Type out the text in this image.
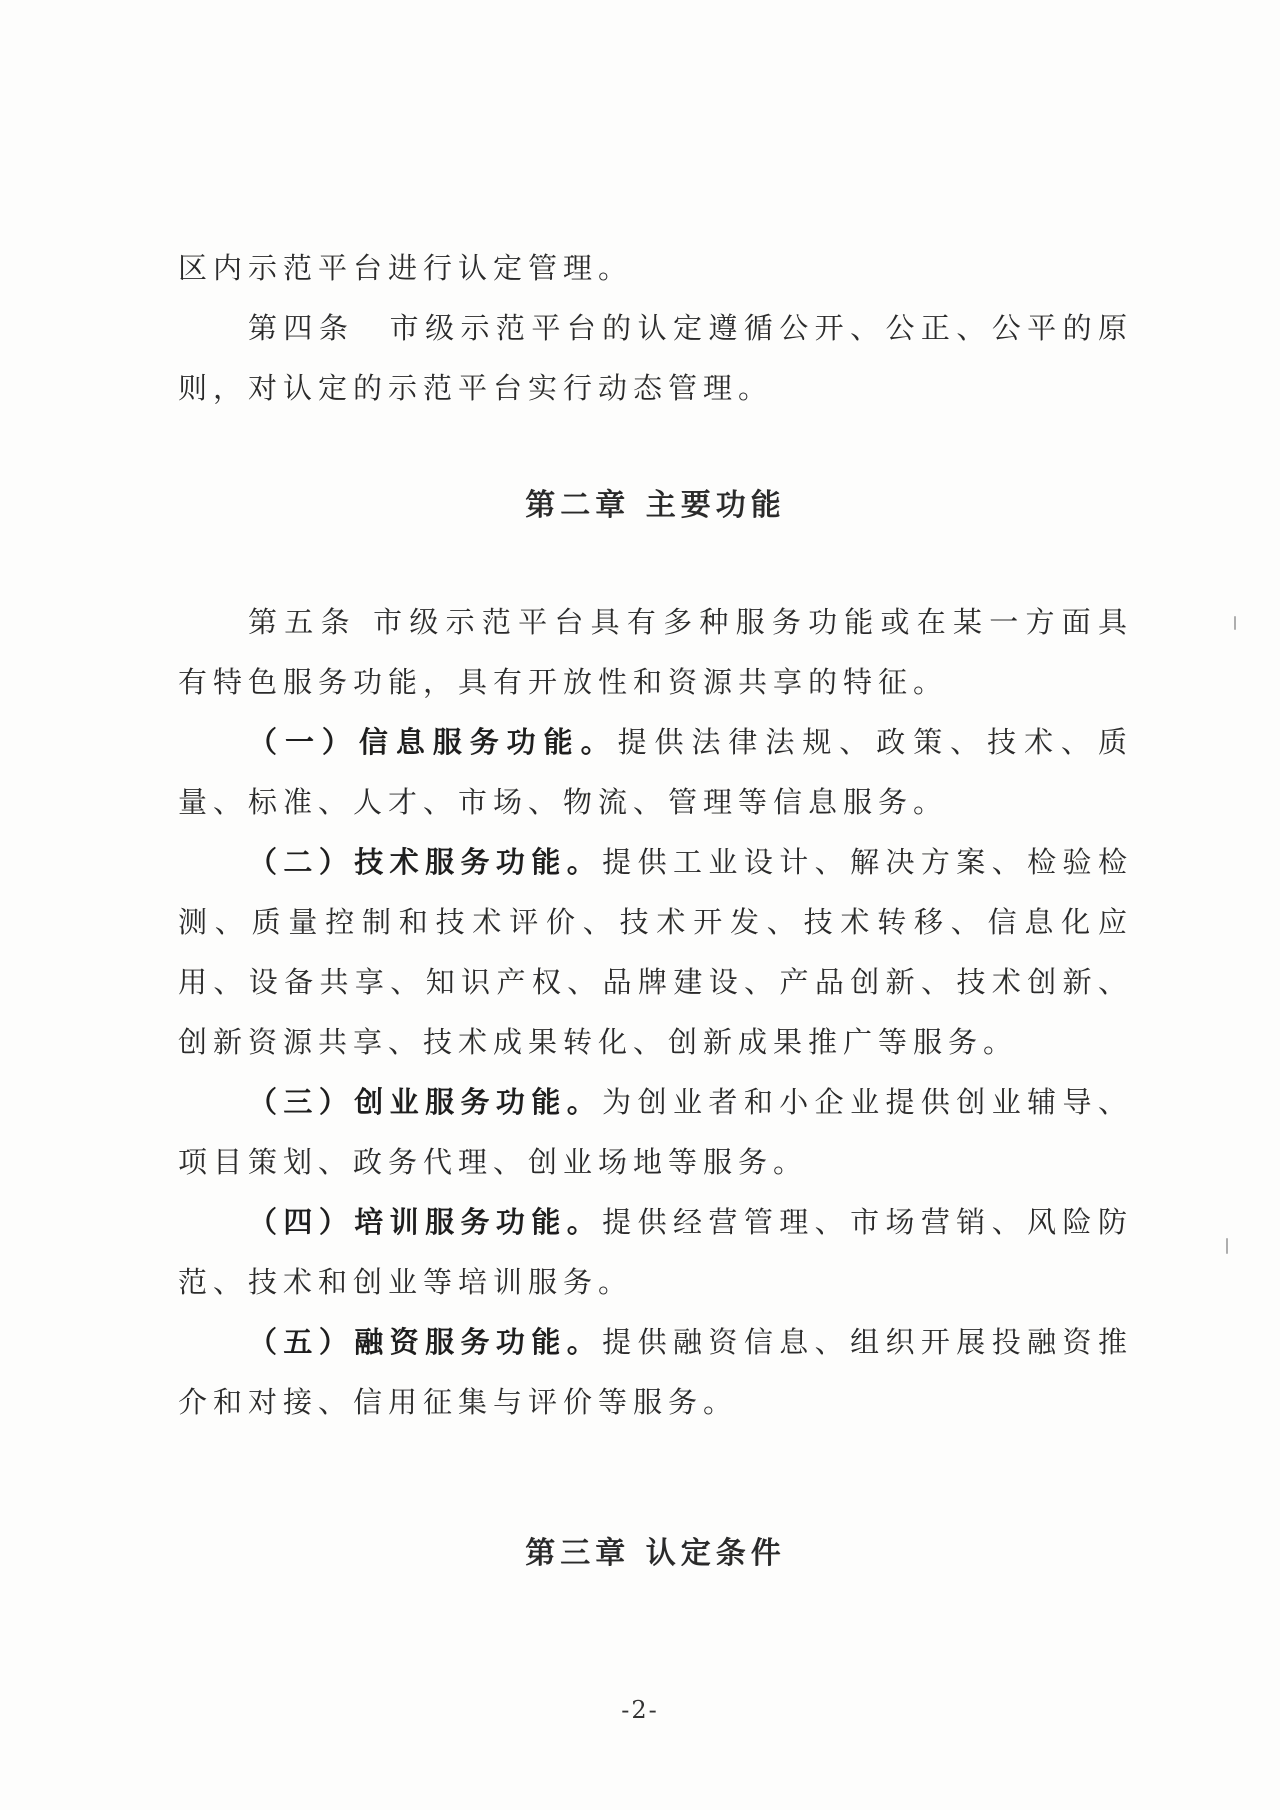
区内示范平台进行认定管理。

第四条　市级示范平台的认定遵循公开、公正、公平的原则，对认定的示范平台实行动态管理。

第二章 主要功能

第五条 市级示范平台具有多种服务功能或在某一方面具有特色服务功能，具有开放性和资源共享的特征。

（一）信息服务功能。提供法律法规、政策、技术、质量、标准、人才、市场、物流、管理等信息服务。

（二）技术服务功能。提供工业设计、解决方案、检验检测、质量控制和技术评价、技术开发、技术转移、信息化应用、设备共享、知识产权、品牌建设、产品创新、技术创新、创新资源共享、技术成果转化、创新成果推广等服务。

（三）创业服务功能。为创业者和小企业提供创业辅导、项目策划、政务代理、创业场地等服务。

（四）培训服务功能。提供经营管理、市场营销、风险防范、技术和创业等培训服务。

（五）融资服务功能。提供融资信息、组织开展投融资推介和对接、信用征集与评价等服务。

第三章 认定条件

-2-
